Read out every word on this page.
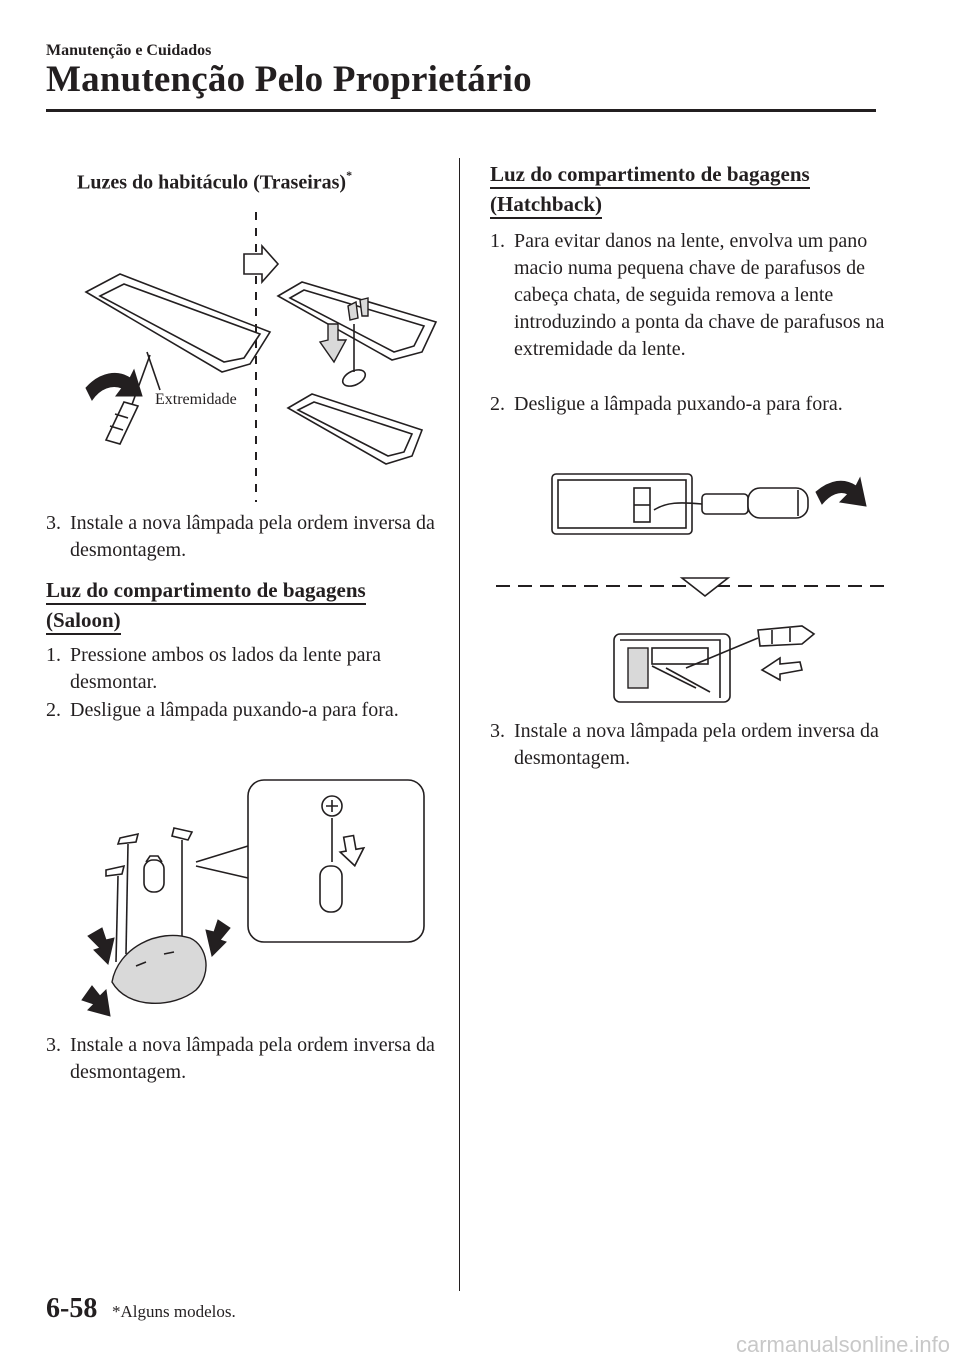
Manutenção e Cuidados
Manutenção Pelo Proprietário
Luzes do habitáculo (Traseiras)*
Extremidade
3. Instale a nova lâmpada pela ordem inversa da desmontagem.
Luz do compartimento de bagagens
(Saloon)
1. Pressione ambos os lados da lente para desmontar.
2. Desligue a lâmpada puxando-a para fora.
3. Instale a nova lâmpada pela ordem inversa da desmontagem.
Luz do compartimento de bagagens
(Hatchback)
1. Para evitar danos na lente, envolva um pano macio numa pequena chave de parafusos de cabeça chata, de seguida remova a lente introduzindo a ponta da chave de parafusos na extremidade da lente.
2. Desligue a lâmpada puxando-a para fora.
3. Instale a nova lâmpada pela ordem inversa da desmontagem.
6-58 *Alguns modelos.
carmanualsonline.info
